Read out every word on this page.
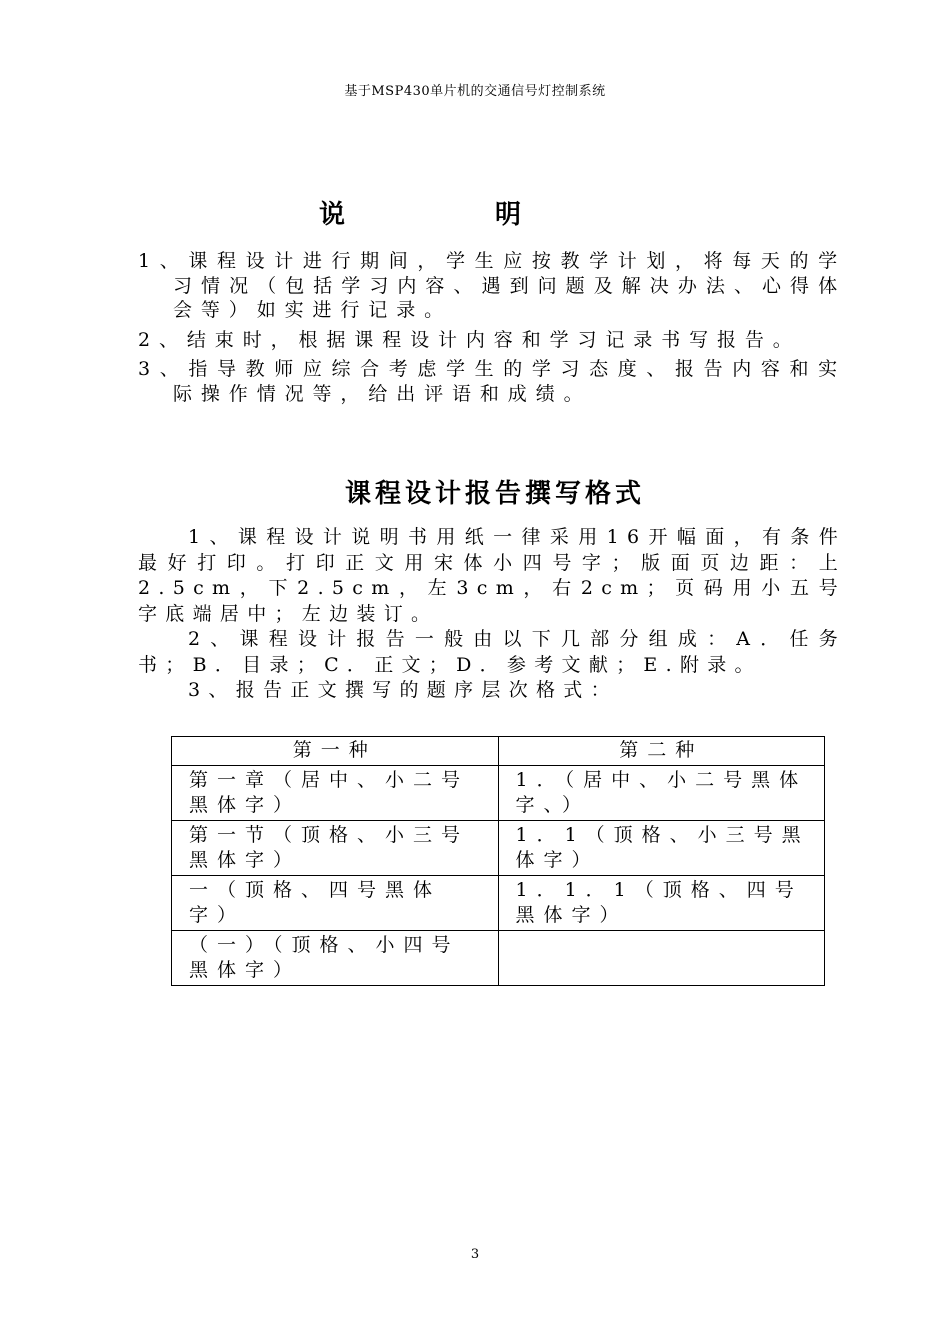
基于MSP430单片机的交通信号灯控制系统
说明

1、课程设计进行期间，学生应按教学计划，将每天的学习情况（包括学习内容、遇到问题及解决办法、心得体会等）如实进行记录。

2、结束时，根据课程设计内容和学习记录书写报告。

3、指导教师应综合考虑学生的学习态度、报告内容和实际操作情况等，给出评语和成绩。

课程设计报告撰写格式

1、课程设计说明书用纸一律采用16开幅面，有条件最好打印。打印正文用宋体小四号字；版面页边距：上2.5cm，下2.5cm，左3cm，右2cm；页码用小五号字底端居中；左边装订。

2、课程设计报告一般由以下几部分组成：A．任务书；B．目录；C．正文；D．参考文献；E.附录。

3、报告正文撰写的题序层次格式：

第一种	第二种
第一章（居中、小二号黑体字）	1．（居中、小二号黑体字、）
第一节（顶格、小三号黑体字）	1．1（顶格、小三号黑体字）
一（顶格、四号黑体字）	1．1．1（顶格、四号黑体字）
（一）（顶格、小四号黑体字）	
3
